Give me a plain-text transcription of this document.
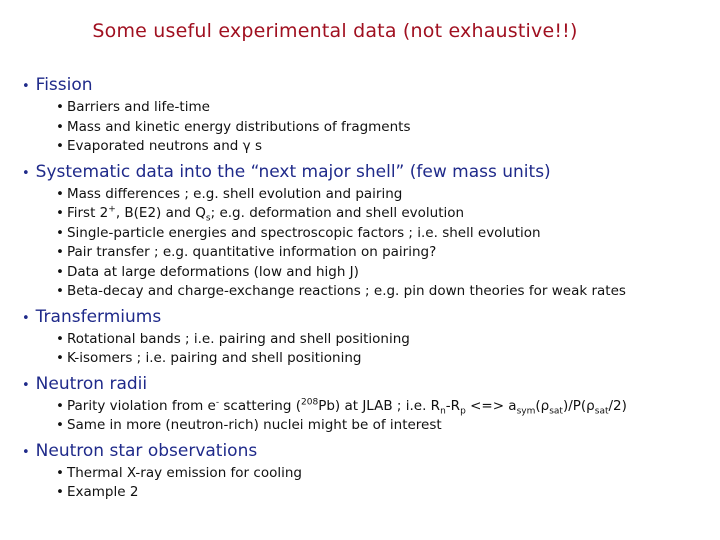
Some useful experimental data (not exhaustive!!)
• Fission
• Barriers and life-time
• Mass and kinetic energy distributions of fragments
• Evaporated neutrons and γ s
• Systematic data into the “next major shell” (few mass units)
• Mass differences ; e.g. shell evolution and pairing
• First 2+, B(E2) and $Q_s$; e.g. deformation and shell evolution
• Single-particle energies and spectroscopic factors ; i.e. shell evolution
• Pair transfer ; e.g. quantitative information on pairing?
• Data at large deformations (low and high J)
• Beta-decay and charge-exchange reactions ; e.g. pin down theories for weak rates
• Transfermiums
• Rotational bands ; i.e. pairing and shell positioning
• K-isomers ; i.e. pairing and shell positioning
• Neutron radii
• Parity violation from e- scattering ($^{208}$Pb) at JLAB ; i.e. $R_n-R_p$ <=> $a_{sym}(\rho_{sat})/P(\rho_{sat}/2)$
• Same in more (neutron-rich) nuclei might be of interest
• Neutron star observations
• Thermal X-ray emission for cooling
• Example 2
